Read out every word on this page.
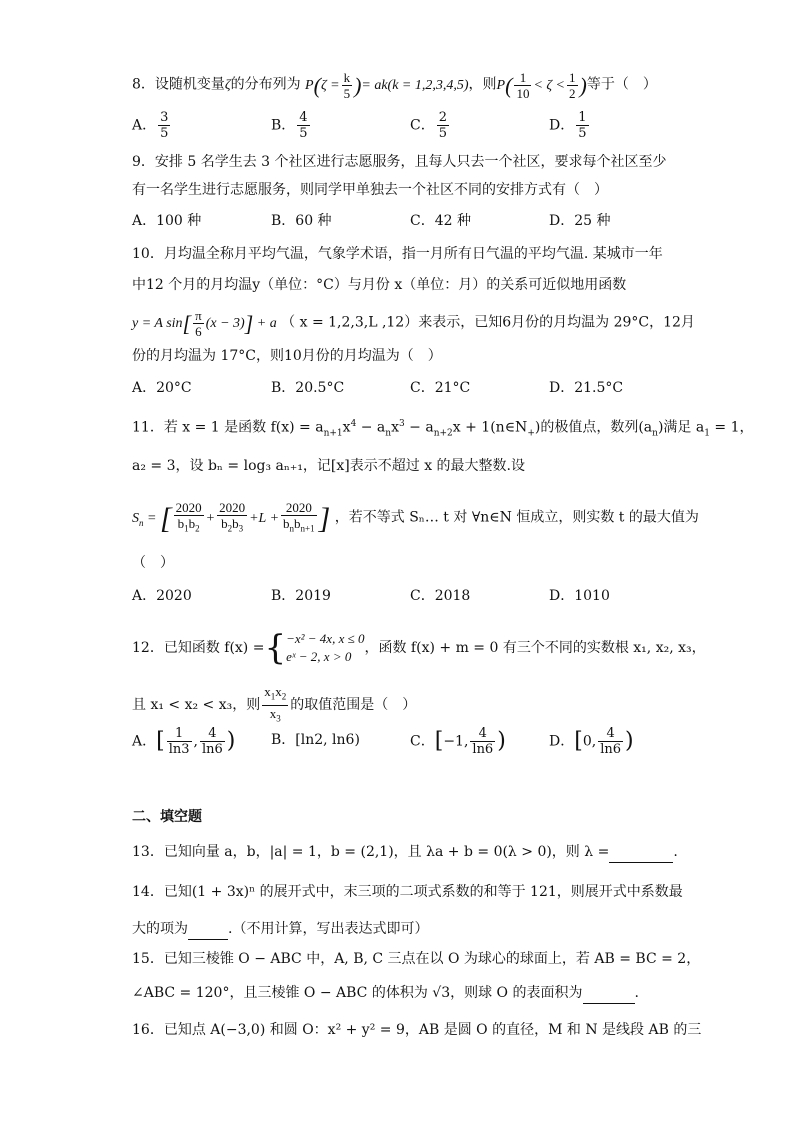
8．设随机变量ζ的分布列为 $P(\zeta = \frac{k}{5}$ )= ak(k = 1,2,3,4,5)，则$P( \frac{1}{10} < \zeta < \frac{1}{2}$ )等于（　）
A． $\frac{3}{5}$	B． $\frac{4}{5}$	C． $\frac{2}{5}$	D． $\frac{1}{5}$
9．安排 5 名学生去 3 个社区进行志愿服务，且每人只去一个社区，要求每个社区至少
有一名学生进行志愿服务，则同学甲单独去一个社区不同的安排方式有（　）
A．100 种	B．60 种	C．42 种	D．25 种
10．月均温全称月平均气温，气象学术语，指一月所有日气温的平均气温. 某城市一年
中12 个月的月均温y（单位：°C）与月份 x（单位：月）的关系可近似地用函数
y = A $\sin[ \frac{\pi}{6} (x - 3)] + a$ （ x = 1,2,3,L ,12）来表示，已知6月份的月均温为 29°C，12月
份的月均温为 17°C，则10月份的月均温为（　）
A．20°C	B．20.5°C	C．21°C	D．21.5°C
11．若 x = 1 是函数 $f(x) = a_{n+1}x^4 - a_nx^3 - a_{n+2}x$ + $1(n\in N_+)$的极值点，数列$(a_n)$满足 $a_1 = 1$，
a₂ = 3，设 bₙ = log₃ aₙ₊₁，记[x]表示不超过 x 的最大整数.设
$S_n$ = [ $\frac{2020}{b_1b_2} + \frac{2020}{b_2b_3} +L + \frac{2020}{b_nb_{n+1}}$ ] ，若不等式 Sₙ… t 对 ∀n∈N 恒成立，则实数 t 的最大值为
（　）
A．2020	B．2019	C．2018	D．1010
12．已知函数 f(x) ={ −x² − 4x, x ≤ 0
eˣ − 2, x > 0
，函数 f(x) + m = 0 有三个不同的实数根 x₁, x₂, x₃，
且 x₁ < x₂ < x₃，则 $\frac{x_1x_2}{x_3}$ 的取值范围是（　）
A．[ $\frac{1}{\ln 3}$ , $\frac{4}{\ln 6}$ )	B．[ln2, ln6)	C．[−1, $\frac{4}{\ln 6}$ )	D．[0, $\frac{4}{\ln 6}$ )
二、填空题
13．已知向量 a，b，|a| = 1，b = (2,1)，且 λa + b = 0(λ > 0)，则 λ =	.
14．已知(1 + 3x)ⁿ 的展开式中，末三项的二项式系数的和等于 121，则展开式中系数最
大的项为	.（不用计算，写出表达式即可）
15．已知三棱锥 O − ABC 中，A, B, C 三点在以 O 为球心的球面上，若 AB = BC = 2，
∠ABC = 120°，且三棱锥 O − ABC 的体积为 √3，则球 O 的表面积为	.
16．已知点 A(−3,0) 和圆 O：x² + y² = 9，AB 是圆 O 的直径，M 和 N 是线段 AB 的三
